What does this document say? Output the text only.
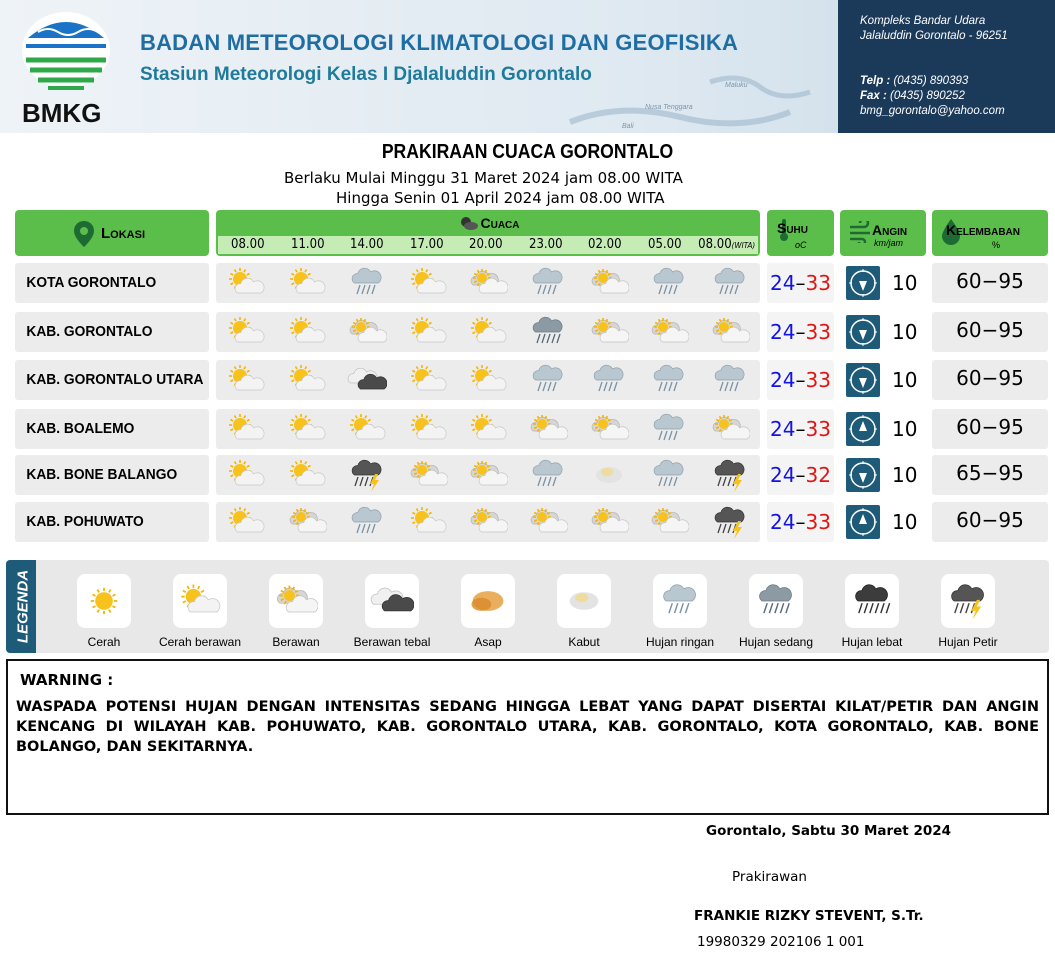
BMKG
BADAN METEOROLOGI KLIMATOLOGI DAN GEOFISIKA
Stasiun Meteorologi Kelas I Djalaluddin Gorontalo
Maluku
Nusa Tenggara
Bali
Kompleks Bandar Udara
Jalaluddin Gorontalo - 96251
Telp : (0435) 890393
Fax : (0435) 890252
bmg_gorontalo@yahoo.com
PRAKIRAAN CUACA GORONTALO
Berlaku Mulai Minggu 31 Maret 2024 jam 08.00 WITA
Hingga Senin 01 April 2024 jam 08.00 WITA
Lokasi
Cuaca
08.00	11.00	14.00	17.00	20.00	23.00	02.00	05.00	08.00(WITA)
Suhu
oC
Angin
km/jam
Kelembaban
%
KOTA GORONTALO	24–33	10	60−95
KAB. GORONTALO	24–33	10	60−95
KAB. GORONTALO UTARA	24–33	10	60−95
KAB. BOALEMO	24–33	10	60−95
KAB. BONE BALANGO	24–32	10	65−95
KAB. POHUWATO	24–33	10	60−95
LEGENDA	Cerah	Cerah berawan	Berawan	Berawan tebal	Asap	Kabut	Hujan ringan	Hujan sedang	Hujan lebat	Hujan Petir
WARNING :
WASPADA POTENSI HUJAN DENGAN INTENSITAS SEDANG HINGGA LEBAT YANG DAPAT DISERTAI KILAT/PETIR DAN ANGIN KENCANG DI WILAYAH KAB. POHUWATO, KAB. GORONTALO UTARA, KAB. GORONTALO, KOTA GORONTALO, KAB. BONE BOLANGO, DAN SEKITARNYA.
Gorontalo, Sabtu 30 Maret 2024
Prakirawan
FRANKIE RIZKY STEVENT, S.Tr.
19980329 202106 1 001
